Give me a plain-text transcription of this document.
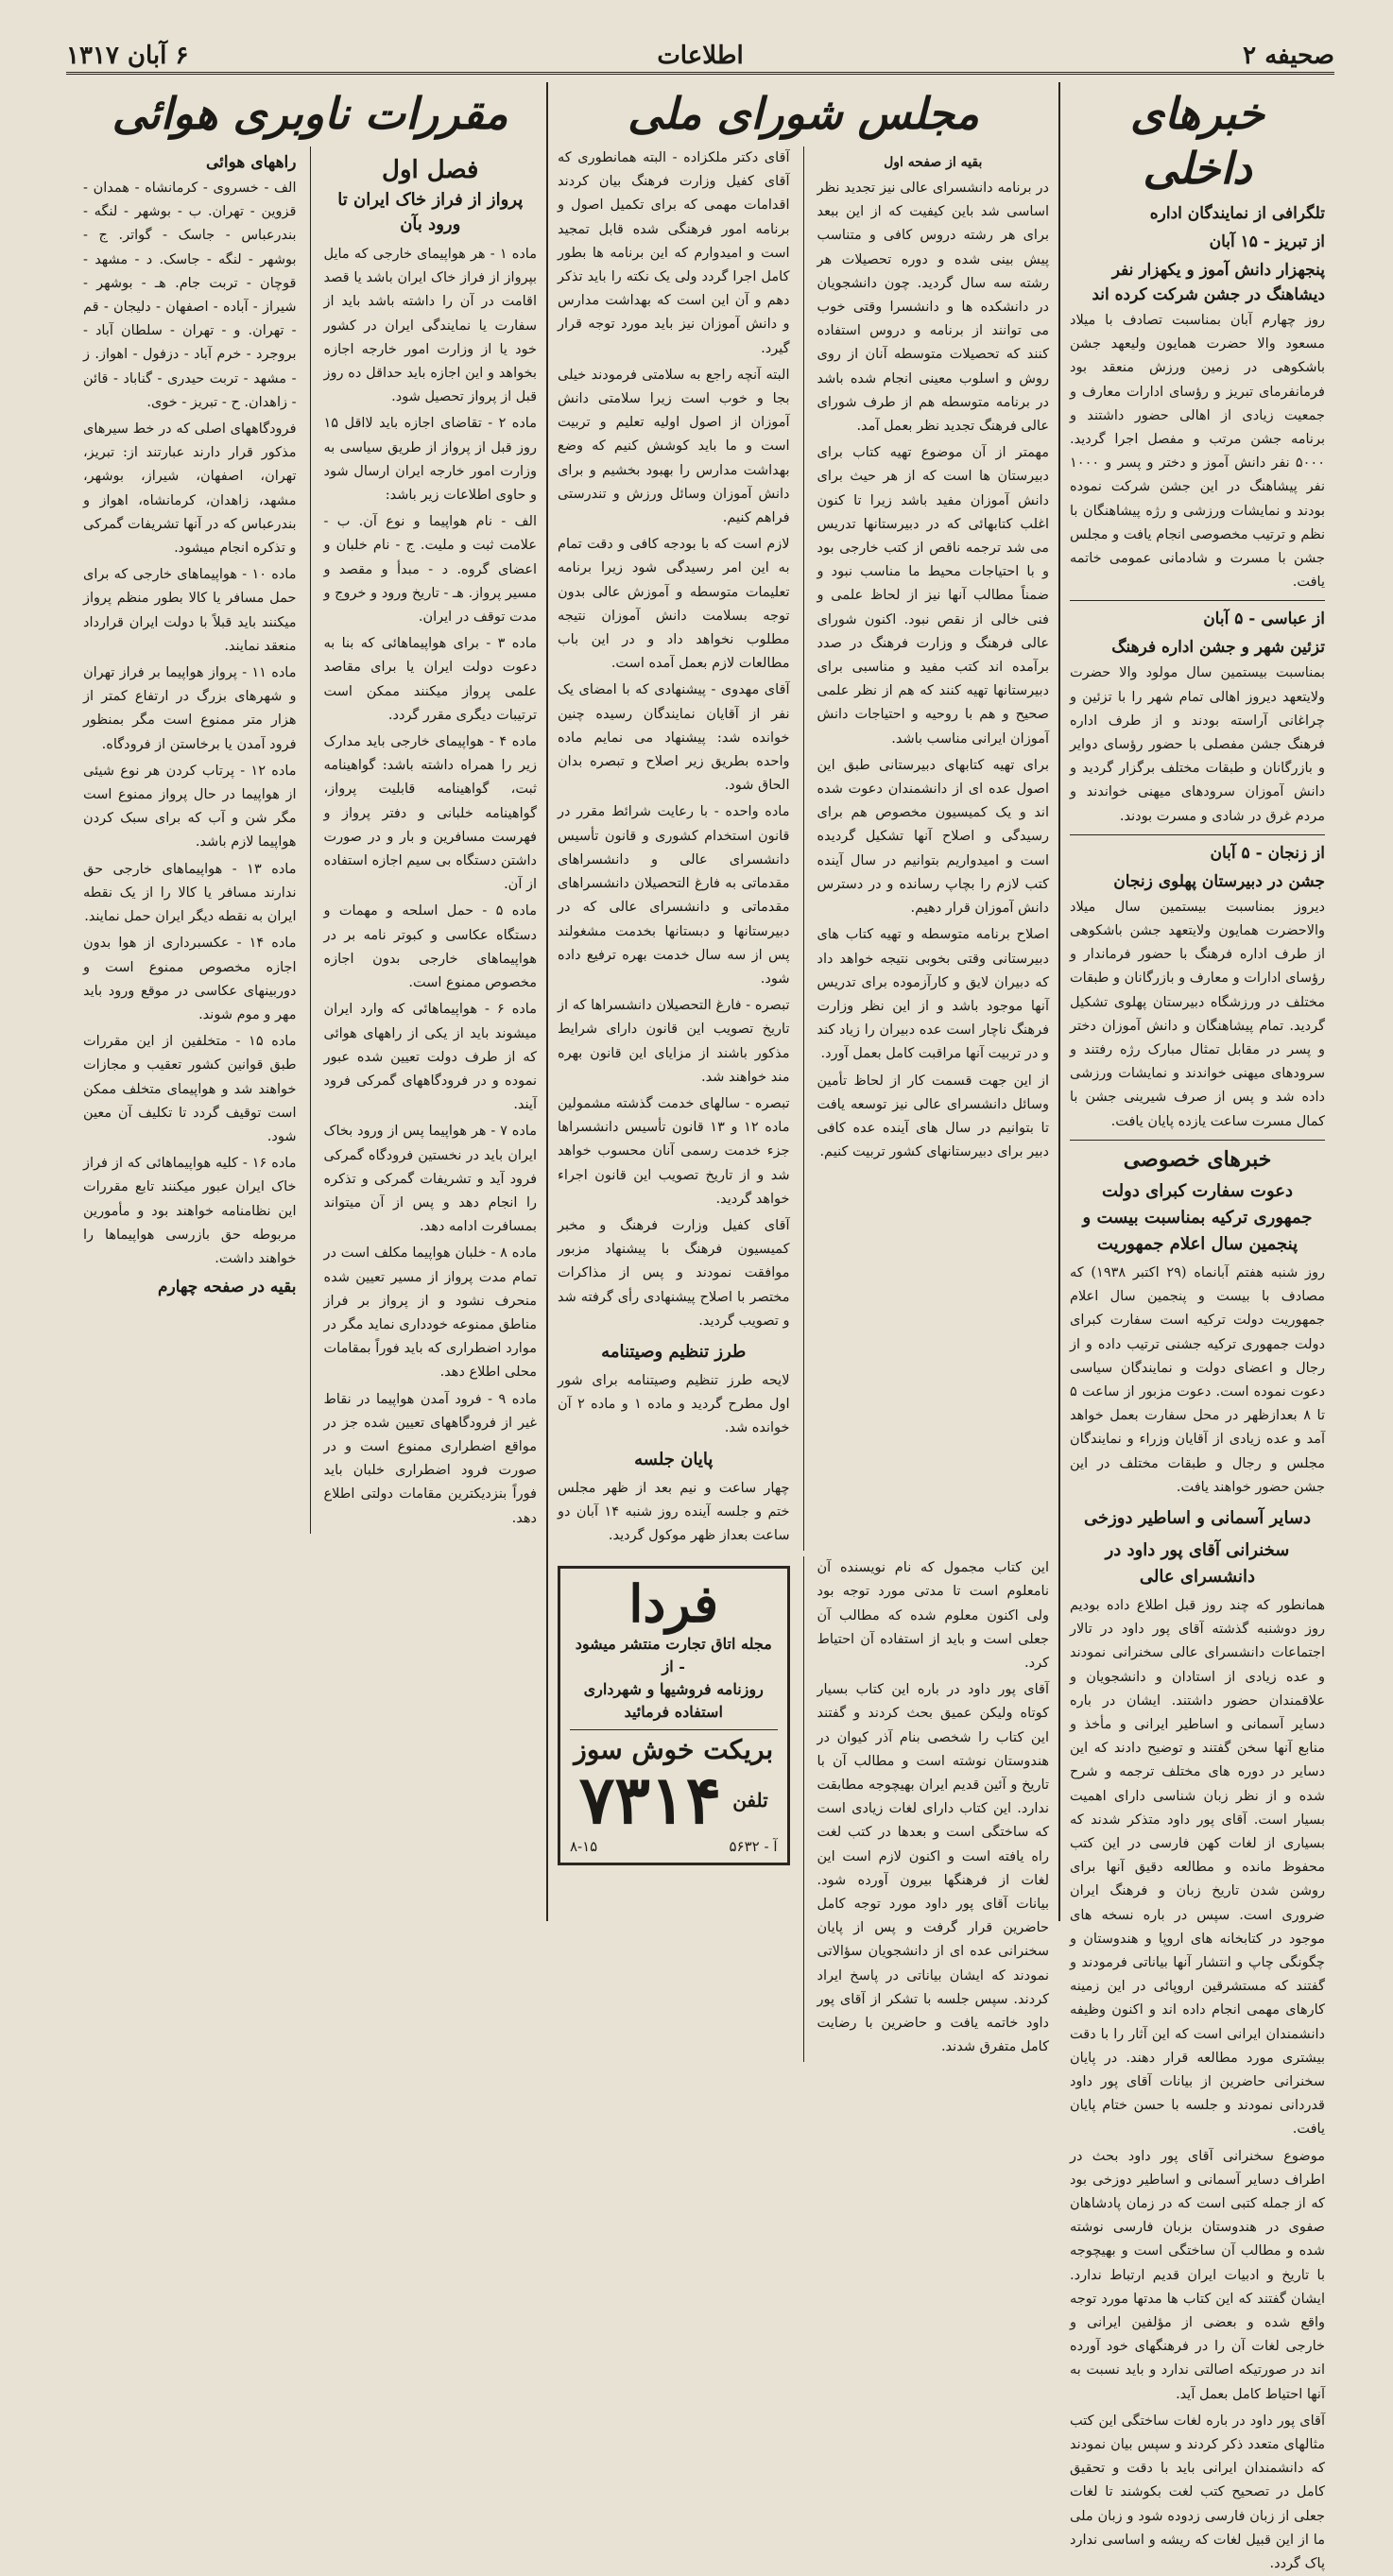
صحیفه ۲
اطلاعات
۶ آبان ۱۳۱۷
خبرهای داخلی
تلگرافی از نمایندگان اداره
از تبریز - ۱۵ آبان
پنجهزار دانش آموز و یکهزار نفر دیشاهنگ در جشن شرکت کرده اند

روز چهارم آبان بمناسبت تصادف با میلاد مسعود والا حضرت همایون ولیعهد جشن باشکوهی در زمین ورزش منعقد بود فرمانفرمای تبریز و رؤسای ادارات معارف و جمعیت زیادی از اهالی حضور داشتند و برنامه جشن مرتب و مفصل اجرا گردید. ۵۰۰۰ نفر دانش آموز و دختر و پسر و ۱۰۰۰ نفر پیشاهنگ در این جشن شرکت نموده بودند و نمایشات ورزشی و رژه پیشاهنگان با نظم و ترتیب مخصوصی انجام یافت و مجلس جشن با مسرت و شادمانی عمومی خاتمه یافت.

از عباسی - ۵ آبان
تزئین شهر و جشن اداره فرهنگ

بمناسبت بیستمین سال مولود والا حضرت ولایتعهد دیروز اهالی تمام شهر را با تزئین و چراغانی آراسته بودند و از طرف اداره فرهنگ جشن مفصلی با حضور رؤسای دوایر و بازرگانان و طبقات مختلف برگزار گردید و دانش آموزان سرودهای میهنی خواندند و مردم غرق در شادی و مسرت بودند.

از زنجان - ۵ آبان
جشن در دبیرستان پهلوی زنجان

دیروز بمناسبت بیستمین سال میلاد والاحضرت همایون ولایتعهد جشن باشکوهی از طرف اداره فرهنگ با حضور فرماندار و رؤسای ادارات و معارف و بازرگانان و طبقات مختلف در ورزشگاه دبیرستان پهلوی تشکیل گردید. تمام پیشاهنگان و دانش آموزان دختر و پسر در مقابل تمثال مبارک رژه رفتند و سرودهای میهنی خواندند و نمایشات ورزشی داده شد و پس از صرف شیرینی جشن با کمال مسرت ساعت یازده پایان یافت.

خبرهای خصوصی
دعوت سفارت کبرای دولت جمهوری ترکیه بمناسبت بیست و پنجمین سال اعلام جمهوریت

روز شنبه هفتم آبانماه (۲۹ اکتبر ۱۹۳۸) که مصادف با بیست و پنجمین سال اعلام جمهوریت دولت ترکیه است سفارت کبرای دولت جمهوری ترکیه جشنی ترتیب داده و از رجال و اعضای دولت و نمایندگان سیاسی دعوت نموده است. دعوت مزبور از ساعت ۵ تا ۸ بعدازظهر در محل سفارت بعمل خواهد آمد و عده زیادی از آقایان وزراء و نمایندگان مجلس و رجال و طبقات مختلف در این جشن حضور خواهند یافت.

دسایر آسمانی و اساطیر دوزخی
سخنرانی آقای پور داود در دانشسرای عالی

همانطور که چند روز قبل اطلاع داده بودیم روز دوشنبه گذشته آقای پور داود در تالار اجتماعات دانشسرای عالی سخنرانی نمودند و عده زیادی از استادان و دانشجویان و علاقمندان حضور داشتند. ایشان در باره دسایر آسمانی و اساطیر ایرانی و مأخذ و منابع آنها سخن گفتند و توضیح دادند که این دسایر در دوره های مختلف ترجمه و شرح شده و از نظر زبان شناسی دارای اهمیت بسیار است. آقای پور داود متذکر شدند که بسیاری از لغات کهن فارسی در این کتب محفوظ مانده و مطالعه دقیق آنها برای روشن شدن تاریخ زبان و فرهنگ ایران ضروری است. سپس در باره نسخه های موجود در کتابخانه های اروپا و هندوستان و چگونگی چاپ و انتشار آنها بیاناتی فرمودند و گفتند که مستشرقین اروپائی در این زمینه کارهای مهمی انجام داده اند و اکنون وظیفه دانشمندان ایرانی است که این آثار را با دقت بیشتری مورد مطالعه قرار دهند. در پایان سخنرانی حاضرین از بیانات آقای پور داود قدردانی نمودند و جلسه با حسن ختام پایان یافت.

موضوع سخنرانی آقای پور داود بحث در اطراف دسایر آسمانی و اساطیر دوزخی بود که از جمله کتبی است که در زمان پادشاهان صفوی در هندوستان بزبان فارسی نوشته شده و مطالب آن ساختگی است و بهیچوجه با تاریخ و ادبیات ایران قدیم ارتباط ندارد. ایشان گفتند که این کتاب ها مدتها مورد توجه واقع شده و بعضی از مؤلفین ایرانی و خارجی لغات آن را در فرهنگهای خود آورده اند در صورتیکه اصالتی ندارد و باید نسبت به آنها احتیاط کامل بعمل آید.

آقای پور داود در باره لغات ساختگی این کتب مثالهای متعدد ذکر کردند و سپس بیان نمودند که دانشمندان ایرانی باید با دقت و تحقیق کامل در تصحیح کتب لغت بکوشند تا لغات جعلی از زبان فارسی زدوده شود و زبان ملی ما از این قبیل لغات که ریشه و اساسی ندارد پاک گردد.

مجلس شورای ملی
بقیه از صفحه اول

در برنامه دانشسرای عالی نیز تجدید نظر اساسی شد باین کیفیت که از این ببعد برای هر رشته دروس کافی و متناسب پیش بینی شده و دوره تحصیلات هر رشته سه سال گردید. چون دانشجویان در دانشکده ها و دانشسرا وقتی خوب می توانند از برنامه و دروس استفاده کنند که تحصیلات متوسطه آنان از روی روش و اسلوب معینی انجام شده باشد در برنامه متوسطه هم از طرف شورای عالی فرهنگ تجدید نظر بعمل آمد.

مهمتر از آن موضوع تهیه کتاب برای دبیرستان ها است که از هر حیث برای دانش آموزان مفید باشد زیرا تا کنون اغلب کتابهائی که در دبیرستانها تدریس می شد ترجمه ناقص از کتب خارجی بود و با احتیاجات محیط ما مناسب نبود و ضمناً مطالب آنها نیز از لحاظ علمی و فنی خالی از نقص نبود. اکنون شورای عالی فرهنگ و وزارت فرهنگ در صدد برآمده اند کتب مفید و مناسبی برای دبیرستانها تهیه کنند که هم از نظر علمی صحیح و هم با روحیه و احتیاجات دانش آموزان ایرانی مناسب باشد.

برای تهیه کتابهای دبیرستانی طبق این اصول عده ای از دانشمندان دعوت شده اند و یک کمیسیون مخصوص هم برای رسیدگی و اصلاح آنها تشکیل گردیده است و امیدواریم بتوانیم در سال آینده کتب لازم را بچاپ رسانده و در دسترس دانش آموزان قرار دهیم.

اصلاح برنامه متوسطه و تهیه کتاب های دبیرستانی وقتی بخوبی نتیجه خواهد داد که دبیران لایق و کارآزموده برای تدریس آنها موجود باشد و از این نظر وزارت فرهنگ ناچار است عده دبیران را زیاد کند و در تربیت آنها مراقبت کامل بعمل آورد.

از این جهت قسمت کار از لحاظ تأمین وسائل دانشسرای عالی نیز توسعه یافت تا بتوانیم در سال های آینده عده کافی دبیر برای دبیرستانهای کشور تربیت کنیم.

آقای دکتر ملکزاده - البته همانطوری که آقای کفیل وزارت فرهنگ بیان کردند اقدامات مهمی که برای تکمیل اصول و برنامه امور فرهنگی شده قابل تمجید است و امیدوارم که این برنامه ها بطور کامل اجرا گردد ولی یک نکته را باید تذکر دهم و آن این است که بهداشت مدارس و دانش آموزان نیز باید مورد توجه قرار گیرد.

البته آنچه راجع به سلامتی فرمودند خیلی بجا و خوب است زیرا سلامتی دانش آموزان از اصول اولیه تعلیم و تربیت است و ما باید کوشش کنیم که وضع بهداشت مدارس را بهبود بخشیم و برای دانش آموزان وسائل ورزش و تندرستی فراهم کنیم.

لازم است که با بودجه کافی و دقت تمام به این امر رسیدگی شود زیرا برنامه تعلیمات متوسطه و آموزش عالی بدون توجه بسلامت دانش آموزان نتیجه مطلوب نخواهد داد و در این باب مطالعات لازم بعمل آمده است.

آقای مهدوی - پیشنهادی که با امضای یک نفر از آقایان نمایندگان رسیده چنین خوانده شد: پیشنهاد می نمایم ماده واحده بطریق زیر اصلاح و تبصره بدان الحاق شود.

ماده واحده - با رعایت شرائط مقرر در قانون استخدام کشوری و قانون تأسیس دانشسرای عالی و دانشسراهای مقدماتی به فارغ التحصیلان دانشسراهای مقدماتی و دانشسرای عالی که در دبیرستانها و دبستانها بخدمت مشغولند پس از سه سال خدمت بهره ترفیع داده شود.

تبصره - فارغ التحصیلان دانشسراها که از تاریخ تصویب این قانون دارای شرایط مذکور باشند از مزایای این قانون بهره مند خواهند شد.

تبصره - سالهای خدمت گذشته مشمولین ماده ۱۲ و ۱۳ قانون تأسیس دانشسراها جزء خدمت رسمی آنان محسوب خواهد شد و از تاریخ تصویب این قانون اجراء خواهد گردید.

آقای کفیل وزارت فرهنگ و مخبر کمیسیون فرهنگ با پیشنهاد مزبور موافقت نمودند و پس از مذاکرات مختصر با اصلاح پیشنهادی رأی گرفته شد و تصویب گردید.

طرز تنظیم وصیتنامه

لایحه طرز تنظیم وصیتنامه برای شور اول مطرح گردید و ماده ۱ و ماده ۲ آن خوانده شد.

پایان جلسه

چهار ساعت و نیم بعد از ظهر مجلس ختم و جلسه آینده روز شنبه ۱۴ آبان دو ساعت بعداز ظهر موکول گردید.

این کتاب مجمول که نام نویسنده آن نامعلوم است تا مدتی مورد توجه بود ولی اکنون معلوم شده که مطالب آن جعلی است و باید از استفاده آن احتیاط کرد.

آقای پور داود در باره این کتاب بسیار کوتاه ولیکن عمیق بحث کردند و گفتند این کتاب را شخصی بنام آذر کیوان در هندوستان نوشته است و مطالب آن با تاریخ و آئین قدیم ایران بهیچوجه مطابقت ندارد. این کتاب دارای لغات زیادی است که ساختگی است و بعدها در کتب لغت راه یافته است و اکنون لازم است این لغات از فرهنگها بیرون آورده شود. بیانات آقای پور داود مورد توجه کامل حاضرین قرار گرفت و پس از پایان سخنرانی عده ای از دانشجویان سؤالاتی نمودند که ایشان بیاناتی در پاسخ ایراد کردند. سپس جلسه با تشکر از آقای پور داود خاتمه یافت و حاضرین با رضایت کامل متفرق شدند.

فردا
مجله اتاق تجارت منتشر میشود - از
روزنامه فروشیها و شهرداری استفاده فرمائید
بریکت خوش سوز
تلفن
۷۳۱۴
آ - ۵۶۳۲
۸-۱۵
مقررات ناوبری هوائی
فصل اول
پرواز از فراز خاک ایران تا ورود بآن

ماده ۱ - هر هواپیمای خارجی که مایل بپرواز از فراز خاک ایران باشد یا قصد اقامت در آن را داشته باشد باید از سفارت یا نمایندگی ایران در کشور خود یا از وزارت امور خارجه اجازه بخواهد و این اجازه باید حداقل ده روز قبل از پرواز تحصیل شود.

ماده ۲ - تقاضای اجازه باید لااقل ۱۵ روز قبل از پرواز از طریق سیاسی به وزارت امور خارجه ایران ارسال شود و حاوی اطلاعات زیر باشد:

الف - نام هواپیما و نوع آن. ب - علامت ثبت و ملیت. ج - نام خلبان و اعضای گروه. د - مبدأ و مقصد و مسیر پرواز. هـ - تاریخ ورود و خروج و مدت توقف در ایران.

ماده ۳ - برای هواپیماهائی که بنا به دعوت دولت ایران یا برای مقاصد علمی پرواز میکنند ممکن است ترتیبات دیگری مقرر گردد.

ماده ۴ - هواپیمای خارجی باید مدارک زیر را همراه داشته باشد: گواهینامه ثبت، گواهینامه قابلیت پرواز، گواهینامه خلبانی و دفتر پرواز و فهرست مسافرین و بار و در صورت داشتن دستگاه بی سیم اجازه استفاده از آن.

ماده ۵ - حمل اسلحه و مهمات و دستگاه عکاسی و کبوتر نامه بر در هواپیماهای خارجی بدون اجازه مخصوص ممنوع است.

ماده ۶ - هواپیماهائی که وارد ایران میشوند باید از یکی از راههای هوائی که از طرف دولت تعیین شده عبور نموده و در فرودگاههای گمرکی فرود آیند.

ماده ۷ - هر هواپیما پس از ورود بخاک ایران باید در نخستین فرودگاه گمرکی فرود آید و تشریفات گمرکی و تذکره را انجام دهد و پس از آن میتواند بمسافرت ادامه دهد.

ماده ۸ - خلبان هواپیما مکلف است در تمام مدت پرواز از مسیر تعیین شده منحرف نشود و از پرواز بر فراز مناطق ممنوعه خودداری نماید مگر در موارد اضطراری که باید فوراً بمقامات محلی اطلاع دهد.

ماده ۹ - فرود آمدن هواپیما در نقاط غیر از فرودگاههای تعیین شده جز در مواقع اضطراری ممنوع است و در صورت فرود اضطراری خلبان باید فوراً بنزدیکترین مقامات دولتی اطلاع دهد.

راههای هوائی

الف - خسروی - کرمانشاه - همدان - قزوین - تهران. ب - بوشهر - لنگه - بندرعباس - جاسک - گواتر. ج - بوشهر - لنگه - جاسک. د - مشهد - قوچان - تربت جام. هـ - بوشهر - شیراز - آباده - اصفهان - دلیجان - قم - تهران. و - تهران - سلطان آباد - بروجرد - خرم آباد - دزفول - اهواز. ز - مشهد - تربت حیدری - گناباد - قائن - زاهدان. ح - تبریز - خوی.

فرودگاههای اصلی که در خط سیرهای مذکور قرار دارند عبارتند از: تبریز، تهران، اصفهان، شیراز، بوشهر، مشهد، زاهدان، کرمانشاه، اهواز و بندرعباس که در آنها تشریفات گمرکی و تذکره انجام میشود.

ماده ۱۰ - هواپیماهای خارجی که برای حمل مسافر یا کالا بطور منظم پرواز میکنند باید قبلاً با دولت ایران قرارداد منعقد نمایند.

ماده ۱۱ - پرواز هواپیما بر فراز تهران و شهرهای بزرگ در ارتفاع کمتر از هزار متر ممنوع است مگر بمنظور فرود آمدن یا برخاستن از فرودگاه.

ماده ۱۲ - پرتاب کردن هر نوع شیئی از هواپیما در حال پرواز ممنوع است مگر شن و آب که برای سبک کردن هواپیما لازم باشد.

ماده ۱۳ - هواپیماهای خارجی حق ندارند مسافر یا کالا را از یک نقطه ایران به نقطه دیگر ایران حمل نمایند.

ماده ۱۴ - عکسبرداری از هوا بدون اجازه مخصوص ممنوع است و دوربینهای عکاسی در موقع ورود باید مهر و موم شوند.

ماده ۱۵ - متخلفین از این مقررات طبق قوانین کشور تعقیب و مجازات خواهند شد و هواپیمای متخلف ممکن است توقیف گردد تا تکلیف آن معین شود.

ماده ۱۶ - کلیه هواپیماهائی که از فراز خاک ایران عبور میکنند تابع مقررات این نظامنامه خواهند بود و مأمورین مربوطه حق بازرسی هواپیماها را خواهند داشت.

بقیه در صفحه چهارم
